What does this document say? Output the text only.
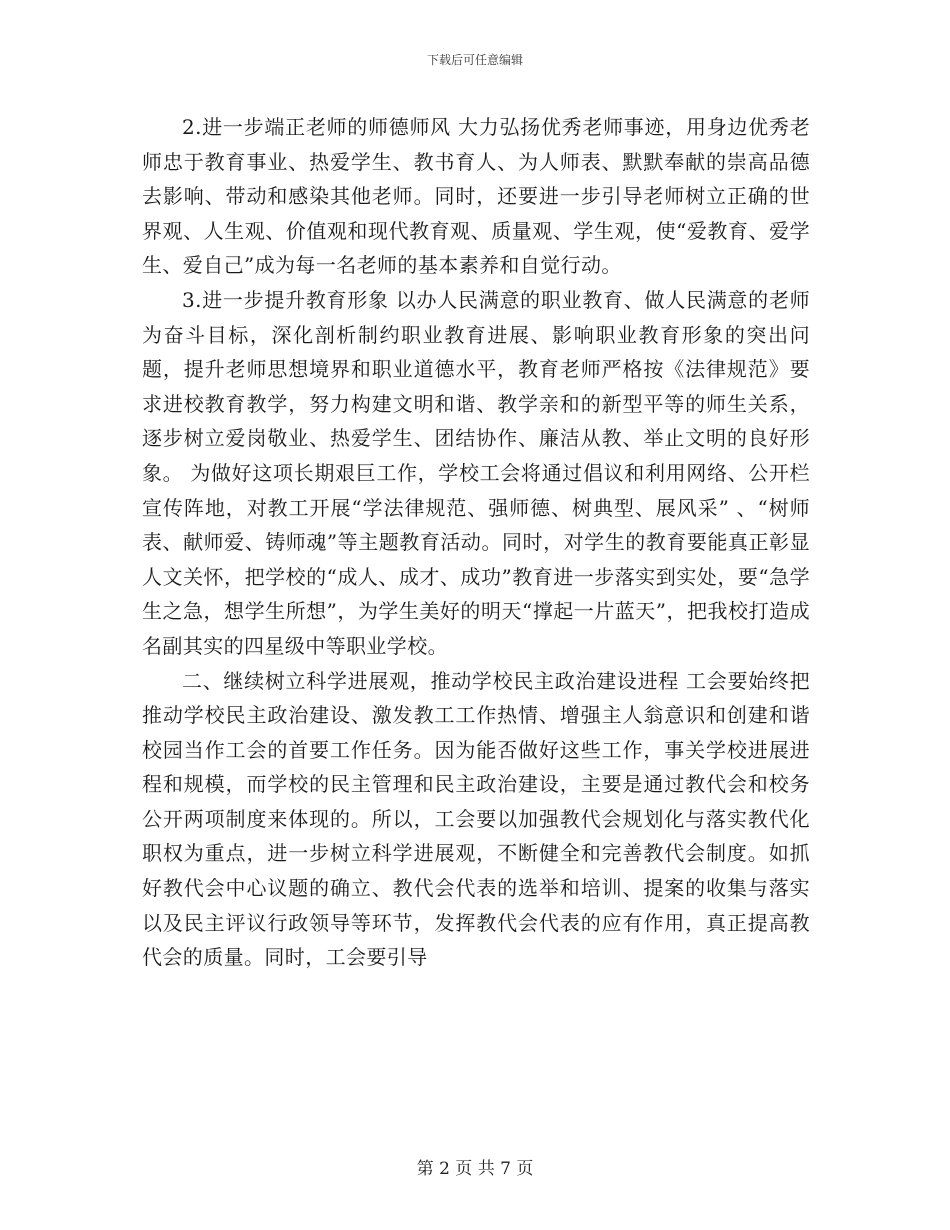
下载后可任意编辑

2.进一步端正老师的师德师风 大力弘扬优秀老师事迹，用身边优秀老师忠于教育事业、热爱学生、教书育人、为人师表、默默奉献的崇高品德去影响、带动和感染其他老师。同时，还要进一步引导老师树立正确的世界观、人生观、价值观和现代教育观、质量观、学生观，使“爱教育、爱学生、爱自己”成为每一名老师的基本素养和自觉行动。

3.进一步提升教育形象 以办人民满意的职业教育、做人民满意的老师为奋斗目标，深化剖析制约职业教育进展、影响职业教育形象的突出问题，提升老师思想境界和职业道德水平，教育老师严格按《法律规范》要求进校教育教学，努力构建文明和谐、教学亲和的新型平等的师生关系，逐步树立爱岗敬业、热爱学生、团结协作、廉洁从教、举止文明的良好形象。 为做好这项长期艰巨工作，学校工会将通过倡议和利用网络、公开栏宣传阵地，对教工开展“学法律规范、强师德、树典型、展风采” 、“树师表、献师爱、铸师魂”等主题教育活动。同时，对学生的教育要能真正彰显人文关怀，把学校的“成人、成才、成功”教育进一步落实到实处，要“急学生之急，想学生所想”，为学生美好的明天“撑起一片蓝天”，把我校打造成名副其实的四星级中等职业学校。

二、继续树立科学进展观，推动学校民主政治建设进程 工会要始终把推动学校民主政治建设、激发教工工作热情、增强主人翁意识和创建和谐校园当作工会的首要工作任务。因为能否做好这些工作，事关学校进展进程和规模，而学校的民主管理和民主政治建设，主要是通过教代会和校务公开两项制度来体现的。所以，工会要以加强教代会规划化与落实教代化职权为重点，进一步树立科学进展观，不断健全和完善教代会制度。如抓好教代会中心议题的确立、教代会代表的选举和培训、提案的收集与落实以及民主评议行政领导等环节，发挥教代会代表的应有作用，真正提高教代会的质量。同时，工会要引导

第 2 页 共 7 页
